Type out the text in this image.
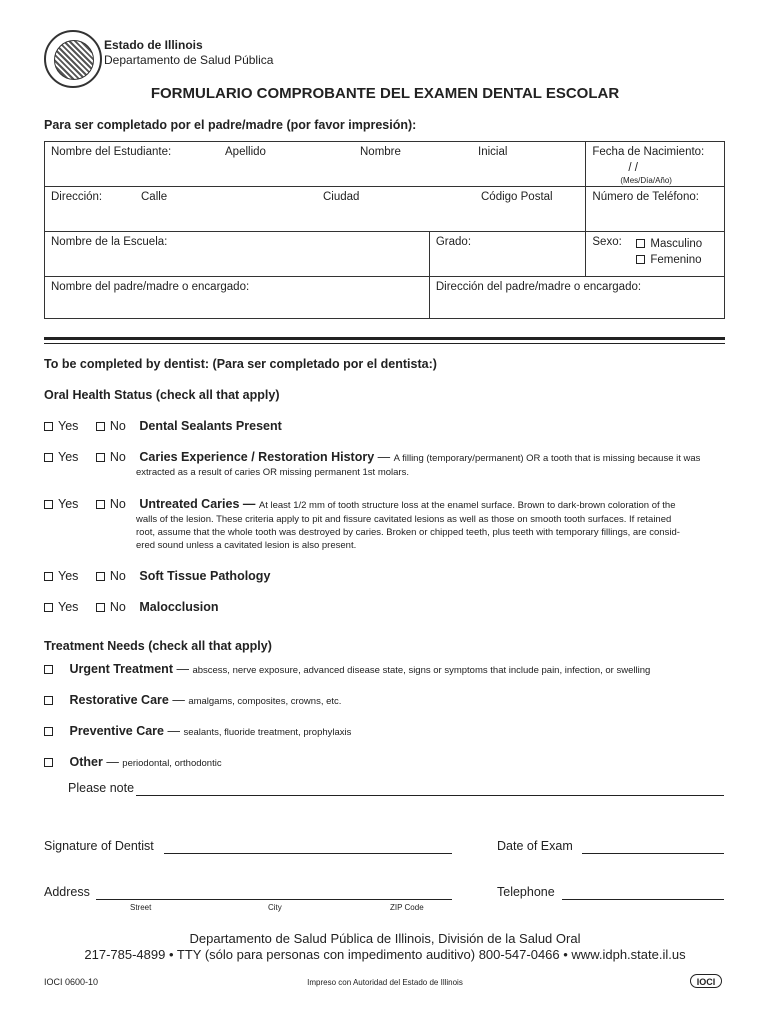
Estado de Illinois
Departamento de Salud Pública
FORMULARIO COMPROBANTE DEL EXAMEN DENTAL ESCOLAR
Para ser completado por el padre/madre (por favor impresión):
Nombre del Estudiante: Apellido Nombre Inicial		Fecha de Nacimiento:
/ /
(Mes/Día/Año)

Dirección: Calle Ciudad Código Postal		Número de Teléfono:

Nombre de la Escuela:	Grado:	Sexo: Masculino
Femenino

Nombre del padre/madre o encargado:	Dirección del padre/madre o encargado:	
To be completed by dentist: (Para ser completado por el dentista:)
Oral Health Status (check all that apply)
Yes	No Dental Sealants Present
Yes	No Caries Experience / Restoration History — A filling (temporary/permanent) OR a tooth that is missing because it was
extracted as a result of caries OR missing permanent 1st molars.
Yes	No Untreated Caries — At least 1/2 mm of tooth structure loss at the enamel surface. Brown to dark-brown coloration of the
walls of the lesion. These criteria apply to pit and fissure cavitated lesions as well as those on smooth tooth surfaces. If retained
root, assume that the whole tooth was destroyed by caries. Broken or chipped teeth, plus teeth with temporary fillings, are consid-
ered sound unless a cavitated lesion is also present.
Yes	No Soft Tissue Pathology
Yes	No Malocclusion
Treatment Needs (check all that apply)
Urgent Treatment — abscess, nerve exposure, advanced disease state, signs or symptoms that include pain, infection, or swelling
Restorative Care — amalgams, composites, crowns, etc.
Preventive Care — sealants, fluoride treatment, prophylaxis
Other — periodontal, orthodontic
Please note
Signature of Dentist	Date of Exam
Address
Street	City	ZIP Code
Telephone
Departamento de Salud Pública de Illinois, División de la Salud Oral
217-785-4899 • TTY (sólo para personas con impedimento auditivo) 800-547-0466 • www.idph.state.il.us
IOCI 0600-10	Impreso con Autoridad del Estado de Illinois	IOCI
